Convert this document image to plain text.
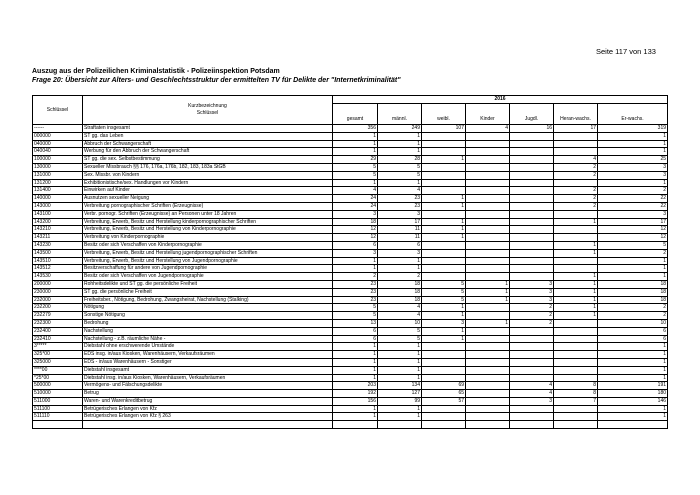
Seite 117 von 133
Auszug aus der Polizeilichen Kriminalstatistik - Polizeiinspektion Potsdam
Frage 20: Übersicht zur Alters- und Geschlechtsstruktur der ermittelten TV für Delikte der "Internetkriminalität"
Schlüssel	Kurzbezeichnung
Schlüssel	2016						
		gesamt	männl.	weibl.	Kinder	Jugdl.	Heran-wachs.	Er-wachs.
------	Straftaten insgesamt	356	249	107	4	16	17	319
000000	ST gg. das Leben	1	1					1
040000	Abbruch der Schwangerschaft	1	1					1
040040	Werbung für den Abbruch der Schwangerschaft	1	1					1
100000	ST gg. die sex. Selbstbestimmung	29	28	1			4	25
130000	Sexueller Missbrauch §§ 176, 176a, 176b, 182, 183, 183a StGB	5	5				2	3
131000	Sex. Missbr. von Kindern	5	5				2	3
131200	Exhibitionistische/sex. Handlungen vor Kindern	1	1					1
131400	Einwirken auf Kinder	4	4				2	2
140000	Ausnutzen sexueller Neigung	24	23	1			2	22
143000	Verbreitung pornographischer Schriften (Erzeugnisse)	24	23	1			2	22
143100	Verbr. pornogr. Schriften (Erzeugnisse) an Personen unter 18 Jahren	3	3					3
143200	Verbreitung, Erwerb, Besitz und Herstellung kinderpornographischer Schriften	18	17	1			1	17
143210	Verbreitung, Erwerb, Besitz und Herstellung von Kinderpornographie	12	11	1				12
143211	Verbreitung von Kinderpornographie	12	11	1				12
143230	Besitz oder sich Verschaffen von Kinderpornographie	6	6				1	5
143500	Verbreitung, Erwerb, Besitz und Herstellung jugendpornographischer Schriften	3	3				1	2
143510	Verbreitung, Erwerb, Besitz und Herstellung von Jugendpornographie	1	1					1
143512	Besitzverschaffung für andere von Jugendpornographie	1	1					1
143530	Besitz oder sich Verschaffen von Jugendpornographie	2	2				1	1
200000	Rohheitsdelikte und ST gg. die persönliche Freiheit	23	18	5	1	3	1	18
230000	ST gg. die persönliche Freiheit	23	18	5	1	3	1	18
232000	Freiheitsber., Nötigung, Bedrohung, Zwangsheirat, Nachstellung (Stalking)	23	18	5	1	3	1	18
232200	Nötigung	5	4	1		2	1	2
232279	Sonstige Nötigung	5	4	1		2	1	2
232300	Bedrohung	13	10	3	1	2		10
232400	Nachstellung	6	5	1				6
232410	Nachstellung - z.B. räumliche Nähe -	6	5	1				6
3*****	Diebstahl ohne erschwerende Umstände	1	1					1
325*00	EDS insg. in/aus Kiosken, Warenhäusern, Verkaufsräumen	1	1					1
325000	EDS - in/aus Warenhäusern - Sonstiger	1	1					1
****00	Diebstahl insgesamt	1	1					1
*25*00	Diebstahl insg. in/aus Kiosken, Warenhäusern, Verkaufsräumen	1	1					1
500000	Vermögens- und Fälschungsdelikte	203	134	69		4	8	191
510000	Betrug	192	127	65		4	8	180
511000	Waren- und Warenkreditbetrug	156	99	57		3	7	146
511100	Betrügerisches Erlangen von Kfz	1	1					1
511110	Betrügerisches Erlangen von Kfz § 263	1	1					1
